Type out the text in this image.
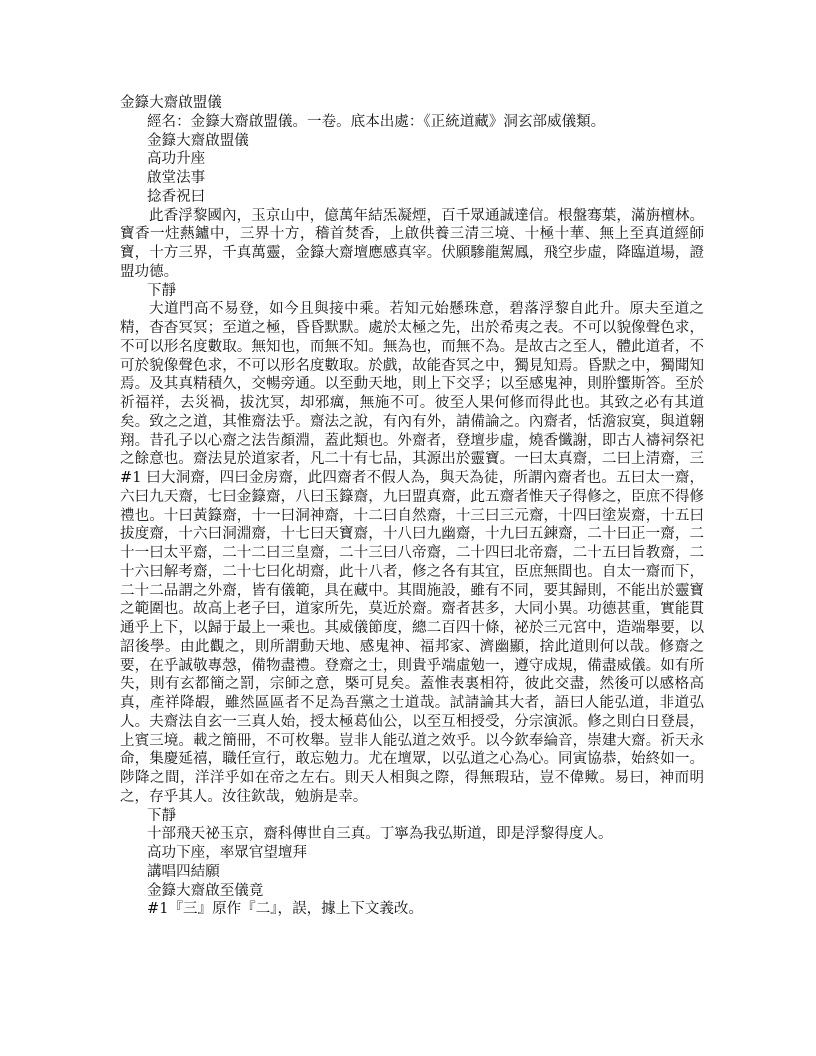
金籙大齋啟盟儀

經名：金籙大齋啟盟儀。一卷。底本出處：《正統道藏》洞玄部威儀類。

金籙大齋啟盟儀

高功升座

啟堂法事

捻香祝曰

此香浮黎國內，玉京山中，億萬年結炁凝煙，百千眾通誠達信。根盤骞葉，滿旃檀林。寶香一炷爇鑪中，三界十方，稽首焚香，上啟供養三清三境、十極十華、無上至真道經師寶，十方三界，千真萬靈，金籙大齋壇應感真宰。伏願驂龍駕鳳，飛空步虛，降臨道場，證盟功德。

下靜

大道門高不易登，如今且與接中乘。若知元始懸珠意，碧落浮黎自此升。原夫至道之精，杳杳冥冥；至道之極，昏昏默默。處於太極之先，出於希夷之表。不可以貌像聲色求，不可以形名度數取。無知也，而無不知。無為也，而無不為。是故古之至人，體此道者，不可於貌像聲色求，不可以形名度數取。於戲，故能杳冥之中，獨見知焉。昏默之中，獨聞知焉。及其真精積久，交暢旁通。以至動天地，則上下交孚；以至感鬼神，則肸蠁斯答。至於祈福祥，去災禍，拔沈冥，却邪癘，無施不可。彼至人果何修而得此也。其致之必有其道矣。致之之道，其惟齋法乎。齋法之說，有內有外，請備論之。內齋者，恬澹寂寞，與道翱翔。昔孔子以心齋之法告顏淵，蓋此類也。外齋者，登壇步虛，燒香懺謝，即古人禱祠祭祀之餘意也。齋法見於道家者，凡二十有七品，其源出於靈寶。一曰太真齋，二曰上清齋，三#1 曰大洞齋，四曰金房齋，此四齋者不假人為，與天為徒，所謂內齋者也。五曰太一齋，六曰九天齋，七曰金籙齋，八曰玉籙齋，九曰盟真齋，此五齋者惟天子得修之，臣庶不得修禮也。十曰黃籙齋，十一曰洞神齋，十二曰自然齋，十三曰三元齋，十四曰塗炭齋，十五曰拔度齋，十六曰洞淵齋，十七曰天寶齋，十八曰九幽齋，十九曰五鍊齋，二十曰正一齋，二十一曰太平齋，二十二曰三皇齋，二十三曰八帝齋，二十四曰北帝齋，二十五曰旨教齋，二十六曰解考齋，二十七曰化胡齋，此十八者，修之各有其宜，臣庶無間也。自太一齋而下，二十二品謂之外齋，皆有儀範，具在藏中。其間施設，雖有不同，要其歸則，不能出於靈寶之範圍也。故高上老子曰，道家所先，莫近於齋。齋者甚多，大同小異。功德甚重，實能貫通乎上下，以歸于最上一乘也。其威儀節度，總二百四十條，祕於三元宮中，造端舉要，以詔後學。由此觀之，則所謂動天地、感鬼神、福邦家、濟幽顯，捨此道則何以哉。修齋之要，在乎誠敬專愨，備物盡禮。登齋之士，則貴乎端虛勉一，遵守成規，備盡威儀。如有所失，則有玄都簡之罰，宗師之意，槩可見矣。蓋惟表裏相符，彼此交盡，然後可以感格高真，產祥降嘏，雖然區區者不足為吾黨之士道哉。試請論其大者，語曰人能弘道，非道弘人。夫齋法自玄一三真人始，授太極葛仙公，以至互相授受，分宗演派。修之則白日登晨，上賓三境。載之簡冊，不可枚舉。豈非人能弘道之效乎。以今欽奉綸音，崇建大齋。祈天永命，集慶延禧，職任宣行，敢忘勉力。尤在壇眾，以弘道之心為心。同寅協恭，始終如一。陟降之間，洋洋乎如在帝之左右。則天人相與之際，得無瑕玷，豈不偉歟。易曰，神而明之，存乎其人。汝往欽哉，勉旃是幸。

下靜

十部飛天祕玉京，齋科傳世自三真。丁寧為我弘斯道，即是浮黎得度人。

高功下座，率眾官望壇拜

講唱四結願

金籙大齋啟至儀竟

#1『三』原作『二』，誤，據上下文義改。
